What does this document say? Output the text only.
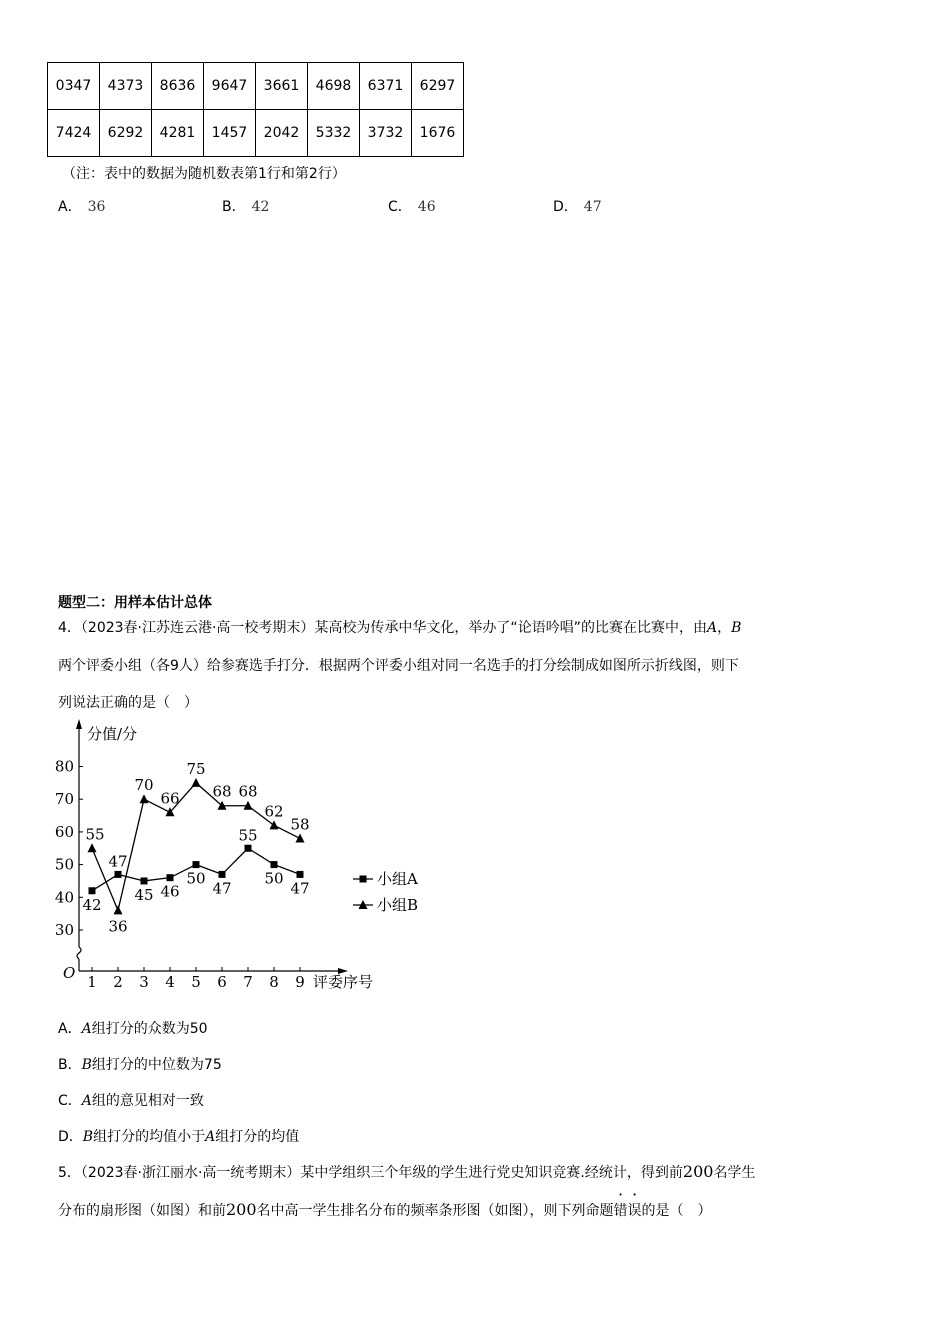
0347	4373	8636	9647	3661	4698	6371	6297
7424	6292	4281	1457	2042	5332	3732	1676
（注：表中的数据为随机数表第1行和第2行）
A． 36	B． 42	C． 46	D． 47
题型二：用样本估计总体
4．（2023春·江苏连云港·高一校考期末）某高校为传承中华文化，举办了“论语吟唱”的比赛在比赛中，由A，B
两个评委小组（各9人）给参赛选手打分．根据两个评委小组对同一名选手的打分绘制成如图所示折线图，则下
列说法正确的是（　）
分值/分
评委序号
O
30
40
50
60
70
80
1 2 3 4 5 6 7 8 9
42
47
45 46
50
47
55
50
47
55
36
70
66
75
68 68
62
58
小组A
小组B
A．A组打分的众数为50
B．B组打分的中位数为75
C．A组的意见相对一致
D．B组打分的均值小于A组打分的均值
5．（2023春·浙江丽水·高一统考期末）某中学组织三个年级的学生进行党史知识竞赛.经统计，得到前200名学生
分布的扇形图（如图）和前200名中高一学生排名分布的频率条形图（如图），则下列命题错误的是（　）
